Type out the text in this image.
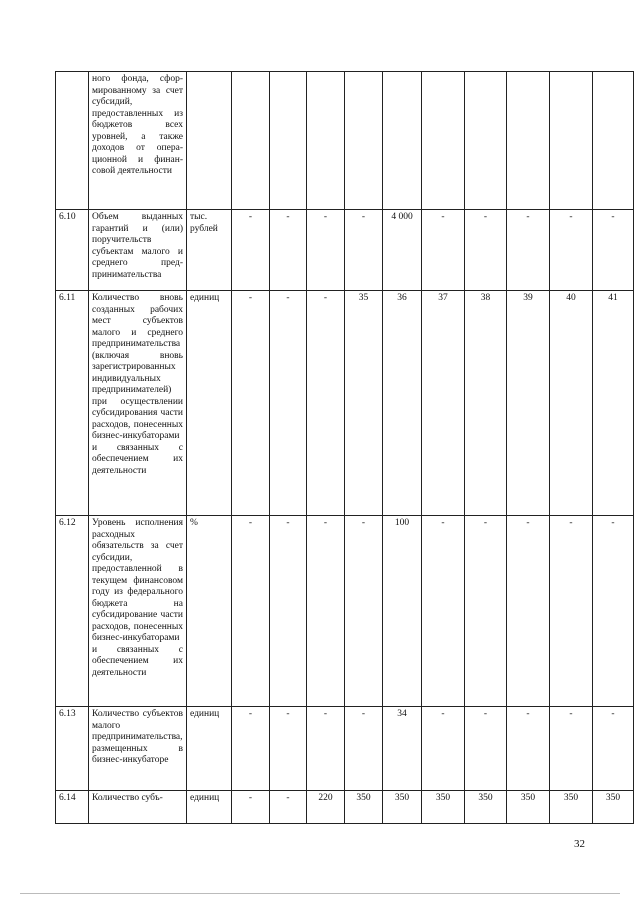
	ного фонда, сформированному за счет субсидий, предоставленных из бюджетов всех уровней, а также доходов от операционной и финансовой деятельности											
6.10	Объем выданных гарантий и (или) поручительств субъектам малого и среднего предпринимательства	тыс. рублей	-	-	-	-	4 000	-	-	-	-	-
6.11	Количество вновь созданных рабочих мест субъектов малого и среднего предпринимательства (включая вновь зарегистрированных индивидуальных предпринимателей) при осуществлении субсидирования части расходов, понесенных бизнес-инкубаторами и связанных с обеспечением их деятельности	единиц	-	-	-	35	36	37	38	39	40	41
6.12	Уровень исполнения расходных обязательств за счет субсидии, предоставленной в текущем финансовом году из федерального бюджета на субсидирование части расходов, понесенных бизнес-инкубаторами и связанных с обеспечением их деятельности	%	-	-	-	-	100	-	-	-	-	-
6.13	Количество субъектов малого предпринимательства, размещенных в бизнес-инкубаторе	единиц	-	-	-	-	34	-	-	-	-	-
6.14	Количество субъ-	единиц	-	-	220	350	350	350	350	350	350	350
32
